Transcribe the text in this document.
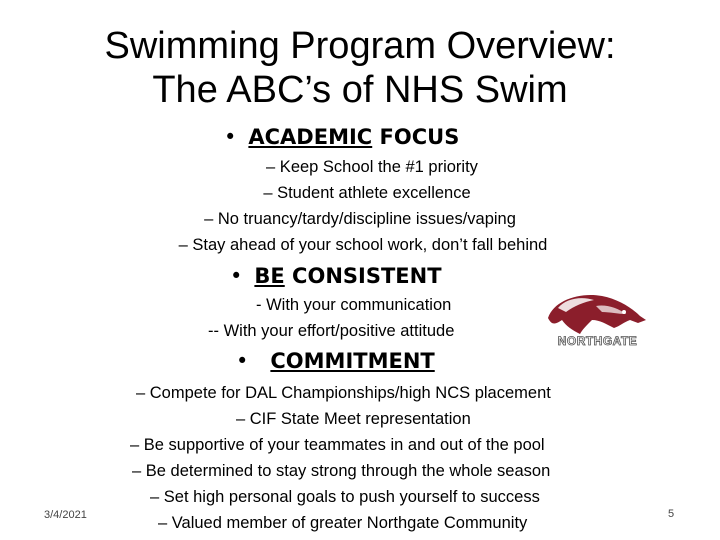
Swimming Program Overview:
The ABC’s of NHS Swim
• ACADEMIC FOCUS
– Keep School the #1 priority
– Student athlete excellence
– No truancy/tardy/discipline issues/vaping
– Stay ahead of your school work, don’t fall behind
• BE CONSISTENT
- With your communication
-- With your effort/positive attitude
NORTHGATE
• COMMITMENT
– Compete for DAL Championships/high NCS placement
– CIF State Meet representation
– Be supportive of your teammates in and out of the pool
– Be determined to stay strong through the whole season
– Set high personal goals to push yourself to success
– Valued member of greater Northgate Community
3/4/2021	5
